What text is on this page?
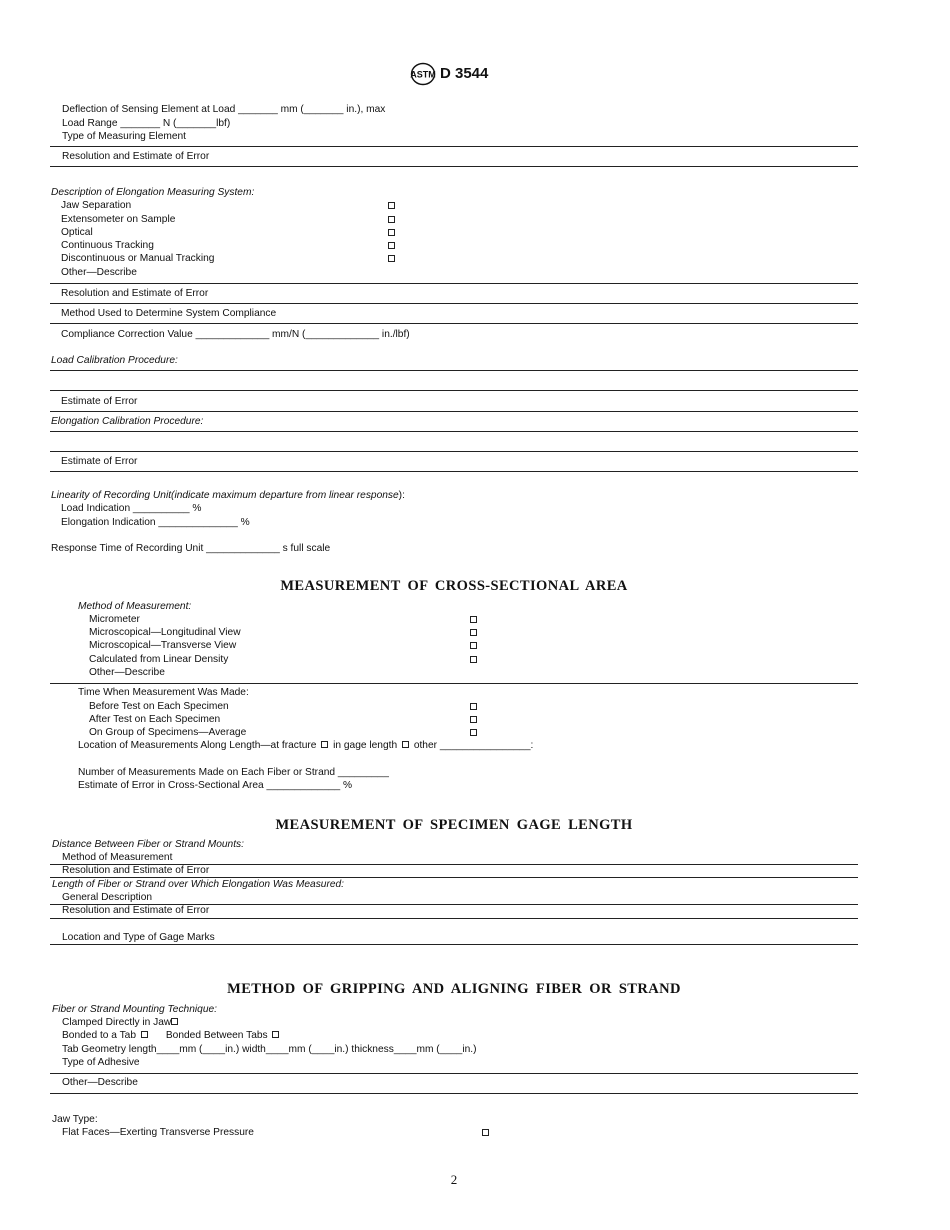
ASTM D 3544
Deflection of Sensing Element at Load _______ mm (_______ in.), max
Load Range _______ N (_______lbf)
Type of Measuring Element
Resolution and Estimate of Error
Description of Elongation Measuring System:
Jaw Separation
Extensometer on Sample
Optical
Continuous Tracking
Discontinuous or Manual Tracking
Other—Describe
Resolution and Estimate of Error
Method Used to Determine System Compliance
Compliance Correction Value _____________ mm/N (_____________ in./lbf)
Load Calibration Procedure:
Estimate of Error
Elongation Calibration Procedure:
Estimate of Error
Linearity of Recording Unit(indicate maximum departure from linear response):
Load Indication __________ %
Elongation Indication ______________ %
Response Time of Recording Unit _____________ s full scale
MEASUREMENT OF CROSS-SECTIONAL AREA
Method of Measurement:
Micrometer
Microscopical—Longitudinal View
Microscopical—Transverse View
Calculated from Linear Density
Other—Describe
Time When Measurement Was Made:
Before Test on Each Specimen
After Test on Each Specimen
On Group of Specimens—Average
Location of Measurements Along Length—at fracture in gage length other ________________:
Number of Measurements Made on Each Fiber or Strand _________
Estimate of Error in Cross-Sectional Area _____________ %
MEASUREMENT OF SPECIMEN GAGE LENGTH
Distance Between Fiber or Strand Mounts:
Method of Measurement
Resolution and Estimate of Error
Length of Fiber or Strand over Which Elongation Was Measured:
General Description
Resolution and Estimate of Error
Location and Type of Gage Marks
METHOD OF GRIPPING AND ALIGNING FIBER OR STRAND
Fiber or Strand Mounting Technique:
Clamped Directly in Jaw
Bonded to a Tab	Bonded Between Tabs
Tab Geometry length____mm (____in.) width____mm (____in.) thickness____mm (____in.)
Type of Adhesive
Other—Describe
Jaw Type:
Flat Faces—Exerting Transverse Pressure
2
